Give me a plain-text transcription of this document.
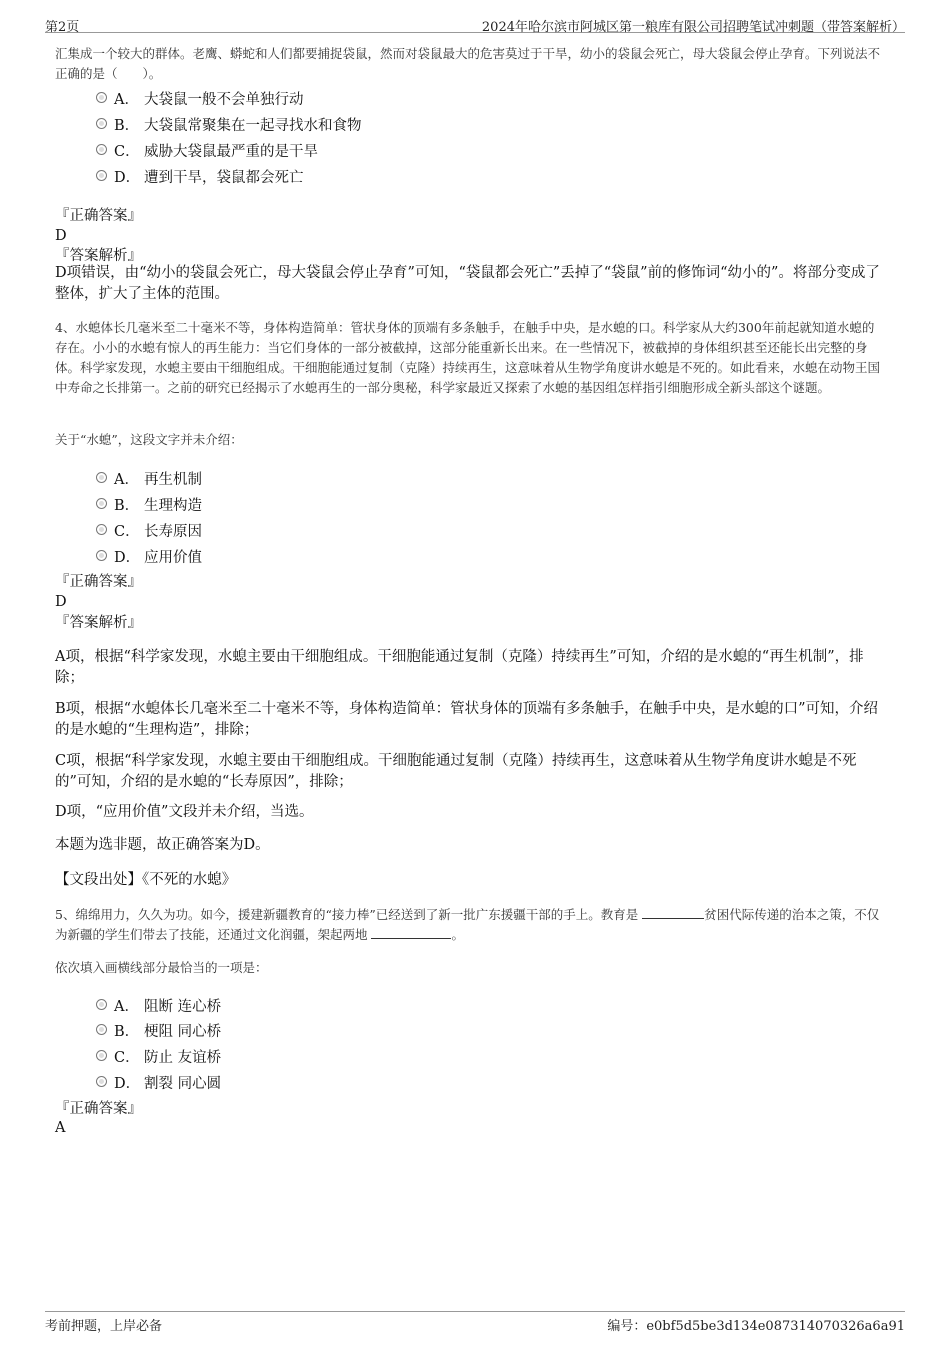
第2页	2024年哈尔滨市阿城区第一粮库有限公司招聘笔试冲刺题（带答案解析）
汇集成一个较大的群体。老鹰、蟒蛇和人们都要捕捉袋鼠，然而对袋鼠最大的危害莫过于干旱，幼小的袋鼠会死亡，母大袋鼠会停止孕育。下列说法不正确的是（　　）。
A． 大袋鼠一般不会单独行动
B． 大袋鼠常聚集在一起寻找水和食物
C． 威胁大袋鼠最严重的是干旱
D． 遭到干旱，袋鼠都会死亡
『正确答案』
D
『答案解析』
D项错误，由“幼小的袋鼠会死亡，母大袋鼠会停止孕育”可知，“袋鼠都会死亡”丢掉了“袋鼠”前的修饰词“幼小的”。将部分变成了整体，扩大了主体的范围。
4、水螅体长几毫米至二十毫米不等，身体构造简单：管状身体的顶端有多条触手，在触手中央，是水螅的口。科学家从大约300年前起就知道水螅的存在。小小的水螅有惊人的再生能力：当它们身体的一部分被截掉，这部分能重新长出来。在一些情况下，被截掉的身体组织甚至还能长出完整的身体。科学家发现，水螅主要由干细胞组成。干细胞能通过复制（克隆）持续再生，这意味着从生物学角度讲水螅是不死的。如此看来，水螅在动物王国中寿命之长排第一。之前的研究已经揭示了水螅再生的一部分奥秘，科学家最近又探索了水螅的基因组怎样指引细胞形成全新头部这个谜题。
关于“水螅”，这段文字并未介绍：
A． 再生机制
B． 生理构造
C． 长寿原因
D． 应用价值
『正确答案』
D
『答案解析』
A项，根据“科学家发现，水螅主要由干细胞组成。干细胞能通过复制（克隆）持续再生”可知，介绍的是水螅的“再生机制”，排除；
B项，根据“水螅体长几毫米至二十毫米不等，身体构造简单：管状身体的顶端有多条触手，在触手中央，是水螅的口”可知，介绍的是水螅的“生理构造”，排除；
C项，根据“科学家发现，水螅主要由干细胞组成。干细胞能通过复制（克隆）持续再生，这意味着从生物学角度讲水螅是不死的”可知，介绍的是水螅的“长寿原因”，排除；
D项，“应用价值”文段并未介绍，当选。
本题为选非题，故正确答案为D。
【文段出处】《不死的水螅》
5、绵绵用力，久久为功。如今，援建新疆教育的“接力棒”已经送到了新一批广东援疆干部的手上。教育是	贫困代际传递的治本之策，不仅为新疆的学生们带去了技能，还通过文化润疆，架起两地	。
依次填入画横线部分最恰当的一项是：
A． 阻断 连心桥
B． 梗阻 同心桥
C． 防止 友谊桥
D． 割裂 同心圆
『正确答案』
A
考前押题，上岸必备	编号：e0bf5d5be3d134e087314070326a6a91
